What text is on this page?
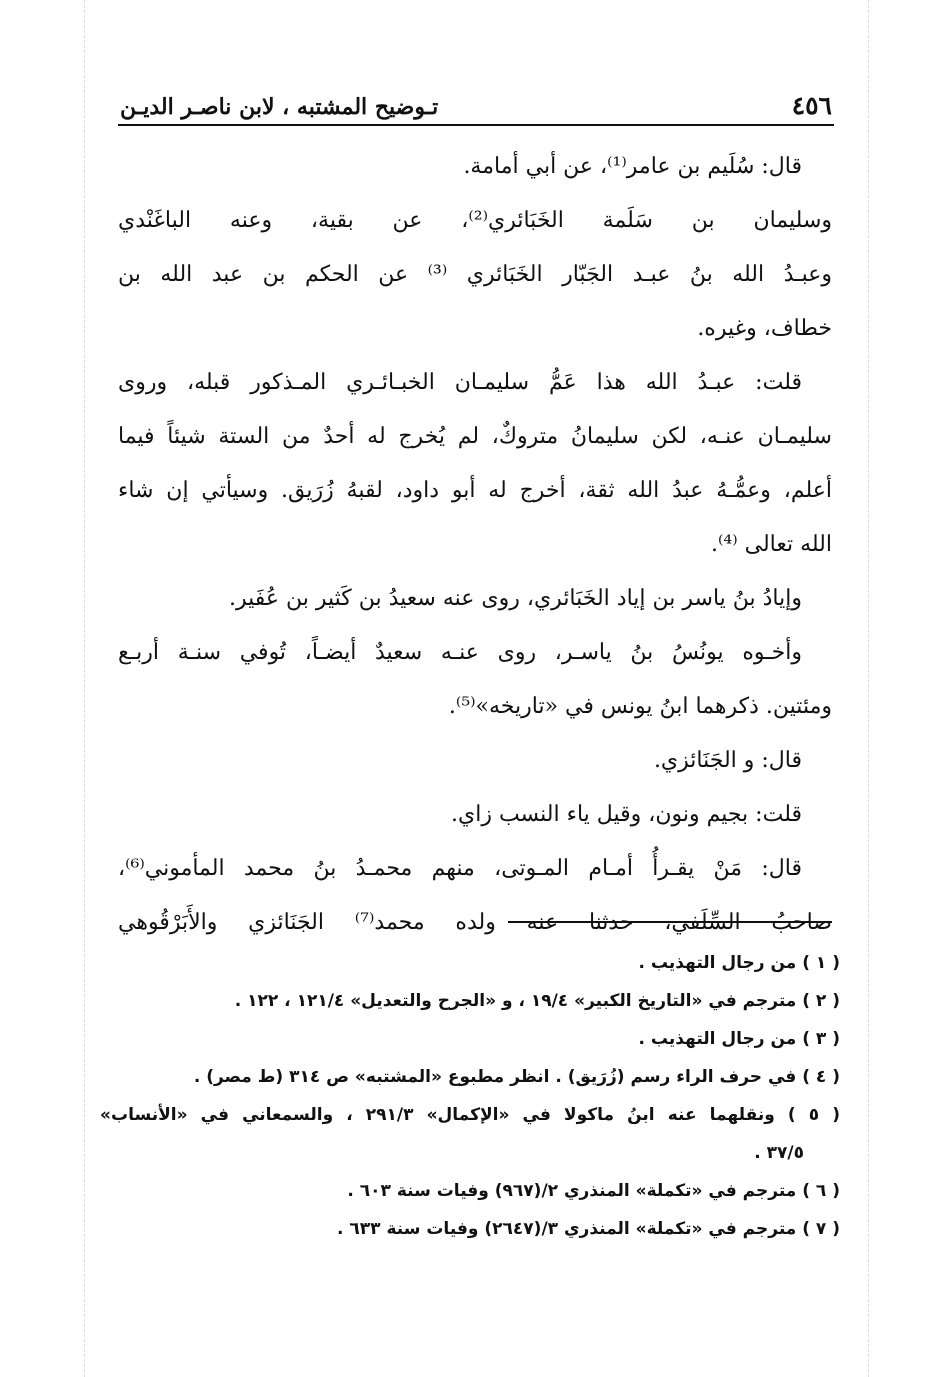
٤٥٦
تـوضيح المشتبه ، لابن ناصـر الديـن
قال: سُلَيم بن عامر⁽¹⁾، عن أبي أمامة.
وسليمان بن سَلَمة الخَبَائري⁽²⁾، عن بقية، وعنه الباغَنْدي
وعبـدُ الله بنُ عبـد الجَبّار الخَبَائري ⁽³⁾ عن الحكم بن عبد الله بن
خطاف، وغيره.
قلت: عبـدُ الله هذا عَمُّ سليمـان الخبـائـري المـذكور قبله، وروى
سليمـان عنـه، لكن سليمانُ متروكٌ، لم يُخرج له أحدٌ من الستة شيئاً فيما
أعلم، وعمُّـهُ عبدُ الله ثقة، أخرج له أبو داود، لقبهُ زُرَيق. وسيأتي إن شاء
الله تعالى ⁽⁴⁾.
وإيادُ بنُ ياسر بن إياد الخَبَائري، روى عنه سعيدُ بن كَثير بن عُفَير.
وأخـوه يونُسُ بنُ ياسـر، روى عنـه سعيدٌ أيضـاً، تُوفي سنـة أربـع
ومئتين. ذكرهما ابنُ يونس في «تاريخه»⁽⁵⁾.
قال: و الجَنَائزي.
قلت: بجيم ونون، وقيل ياء النسب زاي.
قال: مَنْ يقـرأُ أمـام المـوتى، منهم محمـدُ بنُ محمد المأموني⁽⁶⁾،
صاحبُ السِّلَفي، حدثنا عنه ولده محمد⁽⁷⁾ الجَنَائزي والأَبَرْقُوهي
( ١ ) من رجال التهذيب .
( ٢ ) مترجم في «التاريخ الكبير» ١٩/٤ ، و «الجرح والتعديل» ١٢١/٤ ، ١٢٢ .
( ٣ ) من رجال التهذيب .
( ٤ ) في حرف الراء رسم (زُرَيق) . انظر مطبوع «المشتبه» ص ٣١٤ (ط مصر) .
( ٥ ) ونقلهما عنه ابنُ ماكولا في «الإكمال» ٢٩١/٣ ، والسمعاني في «الأنساب»
٣٧/٥ .
( ٦ ) مترجم في «تكملة» المنذري ٢/(٩٦٧) وفيات سنة ٦٠٣ .
( ٧ ) مترجم في «تكملة» المنذري ٣/(٢٦٤٧) وفيات سنة ٦٣٣ .
